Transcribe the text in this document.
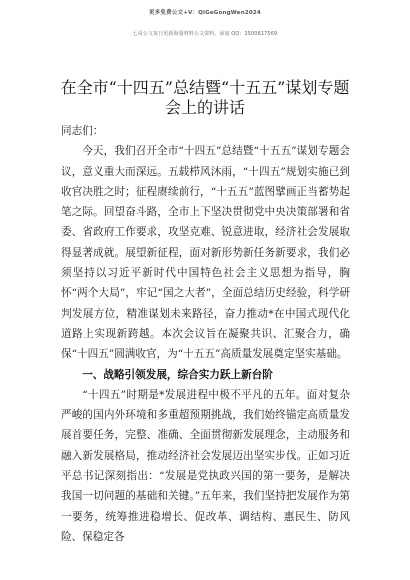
更多免费公文+V：QiGeGongWen2024
七哥公文每日更新海量材料公文资料，添加 QQ：2500617569
在全市“十四五”总结暨“十五五”谋划专题
会上的讲话

同志们：

今天，我们召开全市“十四五”总结暨“十五五”谋划专题会议，意义重大而深远。五载栉风沐雨，“十四五”规划实施已到收官决胜之时；征程赓续前行，“十五五”蓝图擘画正当蓄势起笔之际。回望奋斗路，全市上下坚决贯彻党中央决策部署和省委、省政府工作要求，攻坚克难、锐意进取，经济社会发展取得显著成就。展望新征程，面对新形势新任务新要求，我们必须坚持以习近平新时代中国特色社会主义思想为指导，胸怀“两个大局”，牢记“国之大者”，全面总结历史经验，科学研判发展方位，精准谋划未来路径，奋力推动*在中国式现代化道路上实现新跨越。本次会议旨在凝聚共识、汇聚合力，确保“十四五”圆满收官，为“十五五”高质量发展奠定坚实基础。

一、战略引领发展，综合实力跃上新台阶

“十四五”时期是*发展进程中极不平凡的五年。面对复杂严峻的国内外环境和多重超预期挑战，我们始终锚定高质量发展首要任务，完整、准确、全面贯彻新发展理念，主动服务和融入新发展格局，推动经济社会发展迈出坚实步伐。正如习近平总书记深刻指出：“发展是党执政兴国的第一要务，是解决我国一切问题的基础和关键。”五年来，我们坚持把发展作为第一要务，统筹推进稳增长、促改革、调结构、惠民生、防风险、保稳定各
